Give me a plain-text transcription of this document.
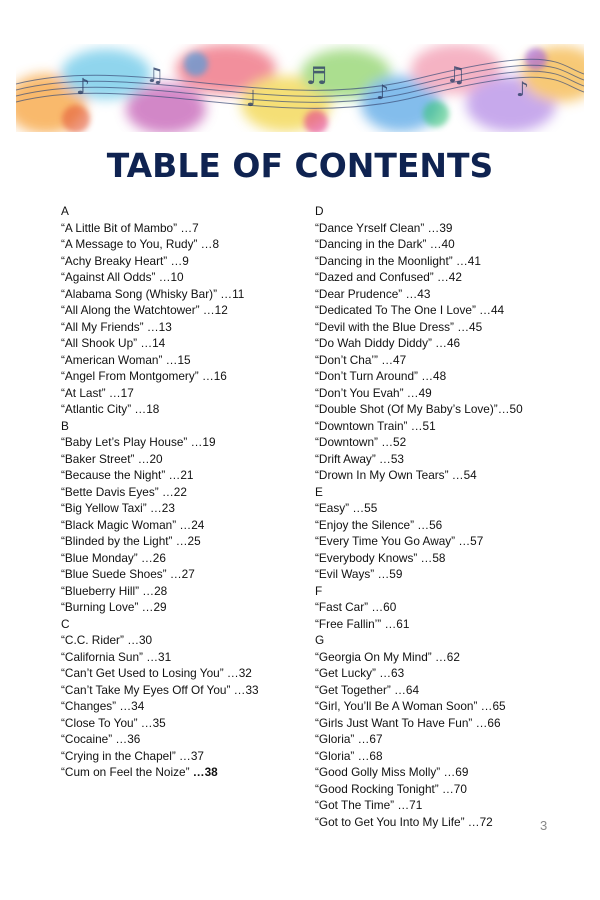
♪	♫
♩
♬
♪
♫
♪
TABLE OF CONTENTS
A
“A Little Bit of Mambo” …7
“A Message to You, Rudy” …8
“Achy Breaky Heart” …9
“Against All Odds” …10
“Alabama Song (Whisky Bar)” …11
“All Along the Watchtower” …12
“All My Friends” …13
“All Shook Up” …14
“American Woman” …15
“Angel From Montgomery” …16
“At Last” …17
“Atlantic City” …18
B
“Baby Let’s Play House” …19
“Baker Street” …20
“Because the Night” …21
“Bette Davis Eyes” …22
“Big Yellow Taxi” …23
“Black Magic Woman” …24
“Blinded by the Light” …25
“Blue Monday” …26
“Blue Suede Shoes” …27
“Blueberry Hill” …28
“Burning Love” …29
C
“C.C. Rider” …30
“California Sun” …31
“Can’t Get Used to Losing You” …32
“Can’t Take My Eyes Off Of You” …33
“Changes” …34
“Close To You” …35
“Cocaine” …36
“Crying in the Chapel” …37
“Cum on Feel the Noize” …38
D
“Dance Yrself Clean” …39
“Dancing in the Dark” …40
“Dancing in the Moonlight” …41
“Dazed and Confused” …42
“Dear Prudence” …43
“Dedicated To The One I Love” …44
“Devil with the Blue Dress” …45
“Do Wah Diddy Diddy” …46
“Don’t Cha’” …47
“Don’t Turn Around” …48
“Don’t You Evah” …49
“Double Shot (Of My Baby’s Love)”…50
“Downtown Train” …51
“Downtown” …52
“Drift Away” …53
“Drown In My Own Tears” …54
E
“Easy” …55
“Enjoy the Silence” …56
“Every Time You Go Away” …57
“Everybody Knows” …58
“Evil Ways” …59
F
“Fast Car” …60
“Free Fallin’” …61
G
“Georgia On My Mind” …62
“Get Lucky” …63
“Get Together” …64
“Girl, You’ll Be A Woman Soon” …65
“Girls Just Want To Have Fun” …66
“Gloria” …67
“Gloria” …68
“Good Golly Miss Molly” …69
“Good Rocking Tonight” …70
“Got The Time” …71
“Got to Get You Into My Life” …72	3
